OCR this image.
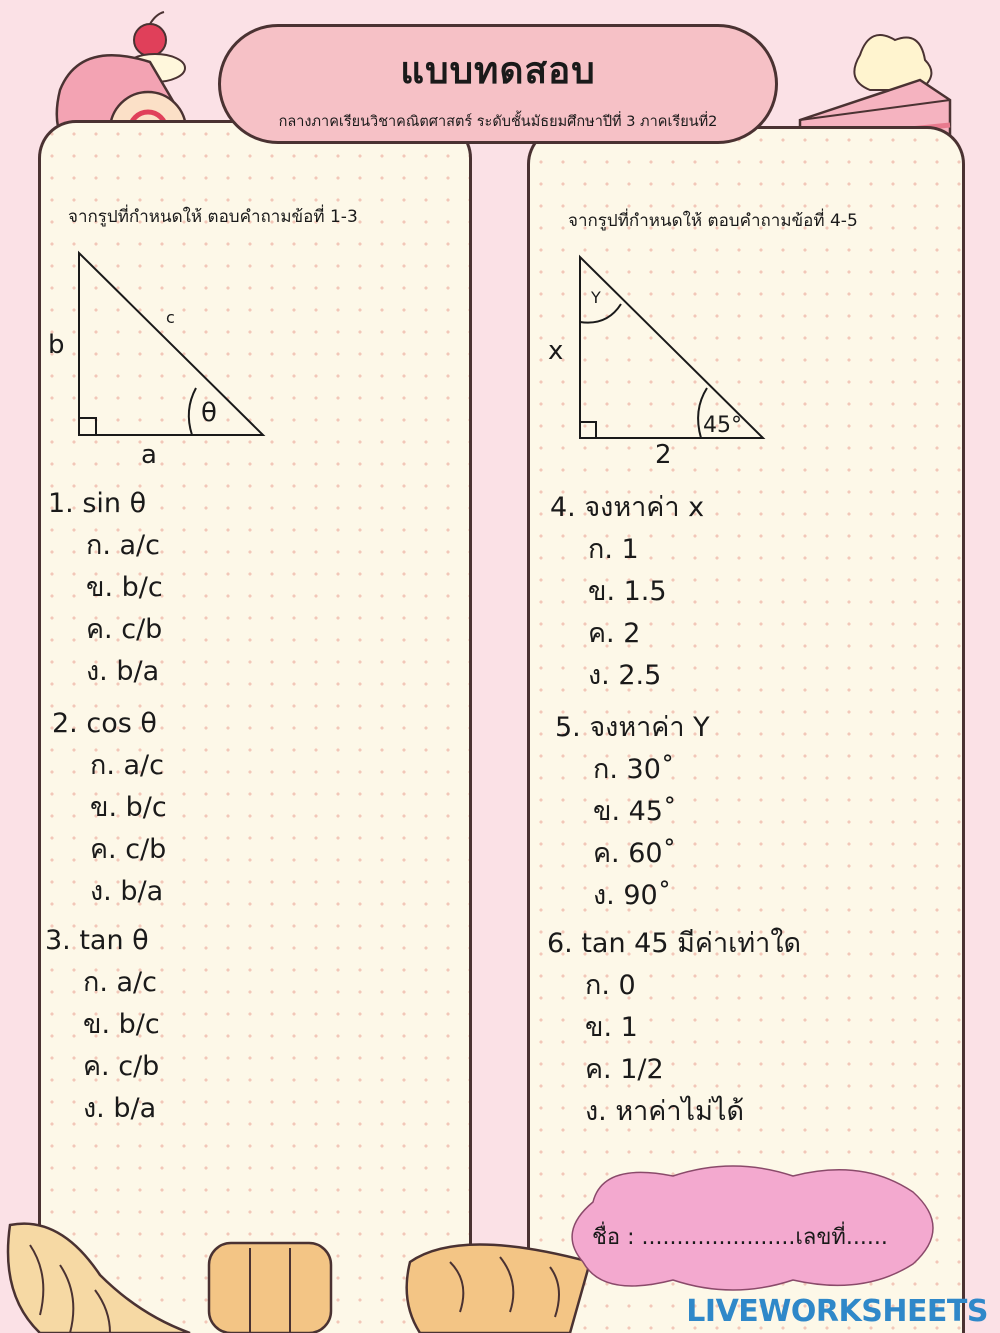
แบบทดสอบ
กลางภาคเรียนวิชาคณิตศาสตร์ ระดับชั้นมัธยมศึกษาปีที่ 3 ภาคเรียนที่2
จากรูปที่กำหนดให้ ตอบคำถามข้อที่ 1-3
b
c
a
θ
1. sin θ
ก. a/c
ข. b/c
ค. c/b
ง. b/a
2. cos θ
ก. a/c
ข. b/c
ค. c/b
ง. b/a
3. tan θ
ก. a/c
ข. b/c
ค. c/b
ง. b/a
จากรูปที่กำหนดให้ ตอบคำถามข้อที่ 4-5
x
Y
2
45°
4. จงหาค่า x
ก. 1
ข. 1.5
ค. 2
ง. 2.5
5. จงหาค่า Y
ก. 30˚
ข. 45˚
ค. 60˚
ง. 90˚
6. tan 45 มีค่าเท่าใด
ก. 0
ข. 1
ค. 1/2
ง. หาค่าไม่ได้
ชื่อ : ......................เลขที่......
LIVEWORKSHEETS
